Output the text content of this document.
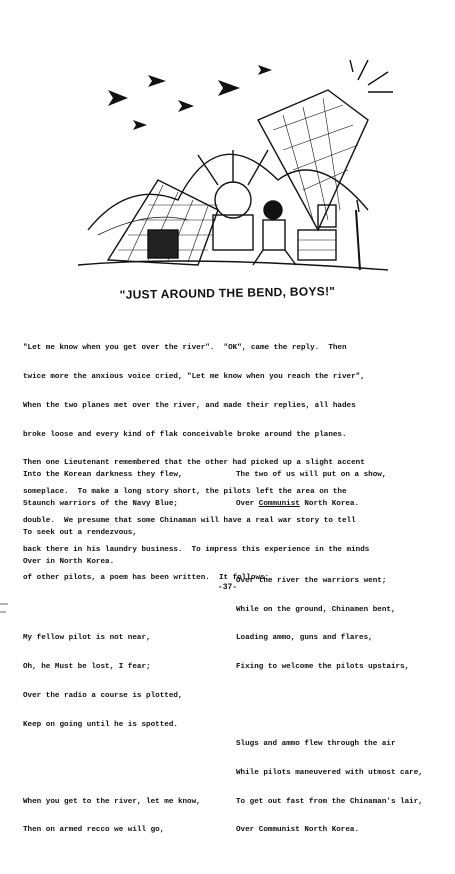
"JUST AROUND THE BEND, BOYS!"

"Let me know when you get over the river".  "OK", came the reply.  Then

twice more the anxious voice cried, "Let me know when you reach the river",

When the two planes met over the river, and made their replies, all hades

broke loose and every kind of flak conceivable broke around the planes.

Then one Lieutenant remembered that the other had picked up a slight accent

someplace.  To make a long story short, the pilots left the area on the

double.  We presume that some Chinaman will have a real war story to tell

back there in his laundry business.  To impress this experience in the minds

of other pilots, a poem has been written.  It follows:

Into the Korean darkness they flew,

Staunch warriors of the Navy Blue;

To seek out a rendezvous,

Over in North Korea.

My fellow pilot is not near,

Oh, he Must be lost, I fear;

Over the radio a course is plotted,

Keep on going until he is spotted.

When you get to the river, let me know,

Then on armed recco we will go,

The two of us will put on a show,

Over Communist North Korea.

Over the river the warriors went;

While on the ground, Chinamen bent,

Loading ammo, guns and flares,

Fixing to welcome the pilots upstairs,

Slugs and ammo flew through the air

While pilots maneuvered with utmost care,

To get out fast from the Chinaman's lair,

Over Communist North Korea.

-37-
